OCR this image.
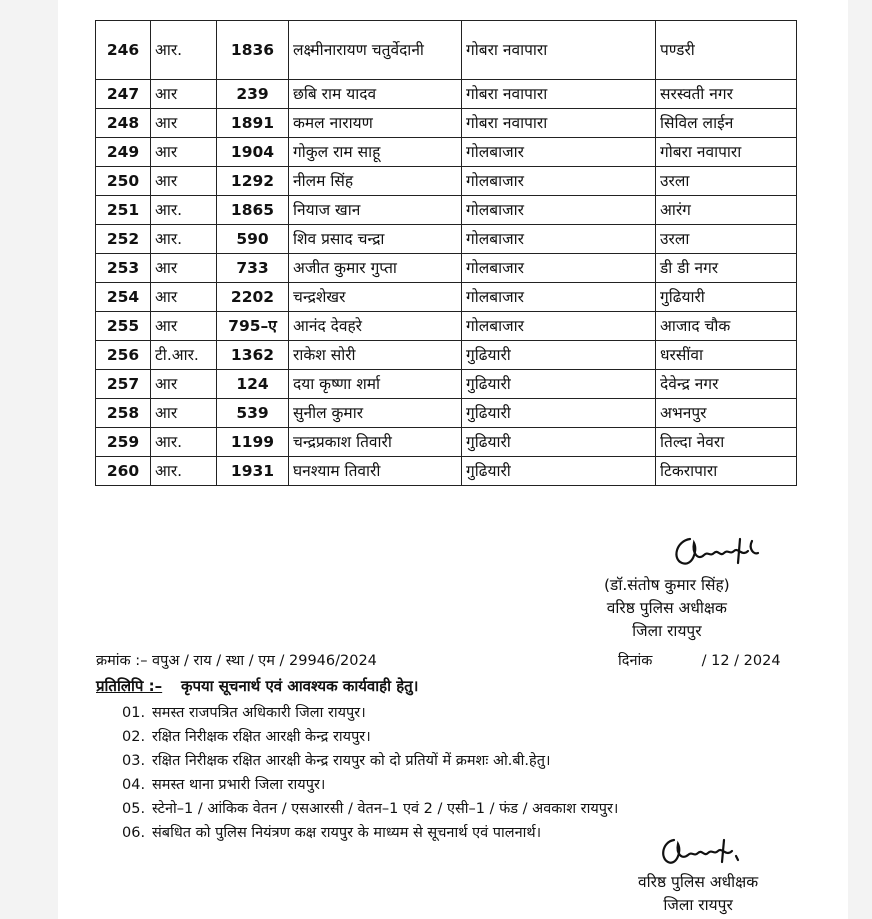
246	आर.	1836	लक्ष्मीनारायण चतुर्वेदानी	गोबरा नवापारा	पण्डरी
247	आर	239	छबि राम यादव	गोबरा नवापारा	सरस्वती नगर
248	आर	1891	कमल नारायण	गोबरा नवापारा	सिविल लाईन
249	आर	1904	गोकुल राम साहू	गोलबाजार	गोबरा नवापारा
250	आर	1292	नीलम सिंह	गोलबाजार	उरला
251	आर.	1865	नियाज खान	गोलबाजार	आरंग
252	आर.	590	शिव प्रसाद चन्द्रा	गोलबाजार	उरला
253	आर	733	अजीत कुमार गुप्ता	गोलबाजार	डी डी नगर
254	आर	2202	चन्द्रशेखर	गोलबाजार	गुढियारी
255	आर	795–ए	आनंद देवहरे	गोलबाजार	आजाद चौक
256	टी.आर.	1362	राकेश सोरी	गुढियारी	धरसींवा
257	आर	124	दया कृष्णा शर्मा	गुढियारी	देवेन्द्र नगर
258	आर	539	सुनील कुमार	गुढियारी	अभनपुर
259	आर.	1199	चन्द्रप्रकाश तिवारी	गुढियारी	तिल्दा नेवरा
260	आर.	1931	घनश्याम तिवारी	गुढियारी	टिकरापारा
(डॉ.संतोष कुमार सिंह)
वरिष्ठ पुलिस अधीक्षक
जिला रायपुर
क्रमांक :– वपुअ / राय / स्था / एम / 29946/2024	दिनांक	/ 12 / 2024
प्रतिलिपि :– कृपया सूचनार्थ एवं आवश्यक कार्यवाही हेतु।
01. समस्त राजपत्रित अधिकारी जिला रायपुर।
02. रक्षित निरीक्षक रक्षित आरक्षी केन्द्र रायपुर।
03. रक्षित निरीक्षक रक्षित आरक्षी केन्द्र रायपुर को दो प्रतियों में क्रमशः ओ.बी.हेतु।
04. समस्त थाना प्रभारी जिला रायपुर।
05. स्टेनो–1 / आंकिक वेतन / एसआरसी / वेतन–1 एवं 2 / एसी–1 / फंड / अवकाश रायपुर।
06. संबधित को पुलिस नियंत्रण कक्ष रायपुर के माध्यम से सूचनार्थ एवं पालनार्थ।
वरिष्ठ पुलिस अधीक्षक
जिला रायपुर
